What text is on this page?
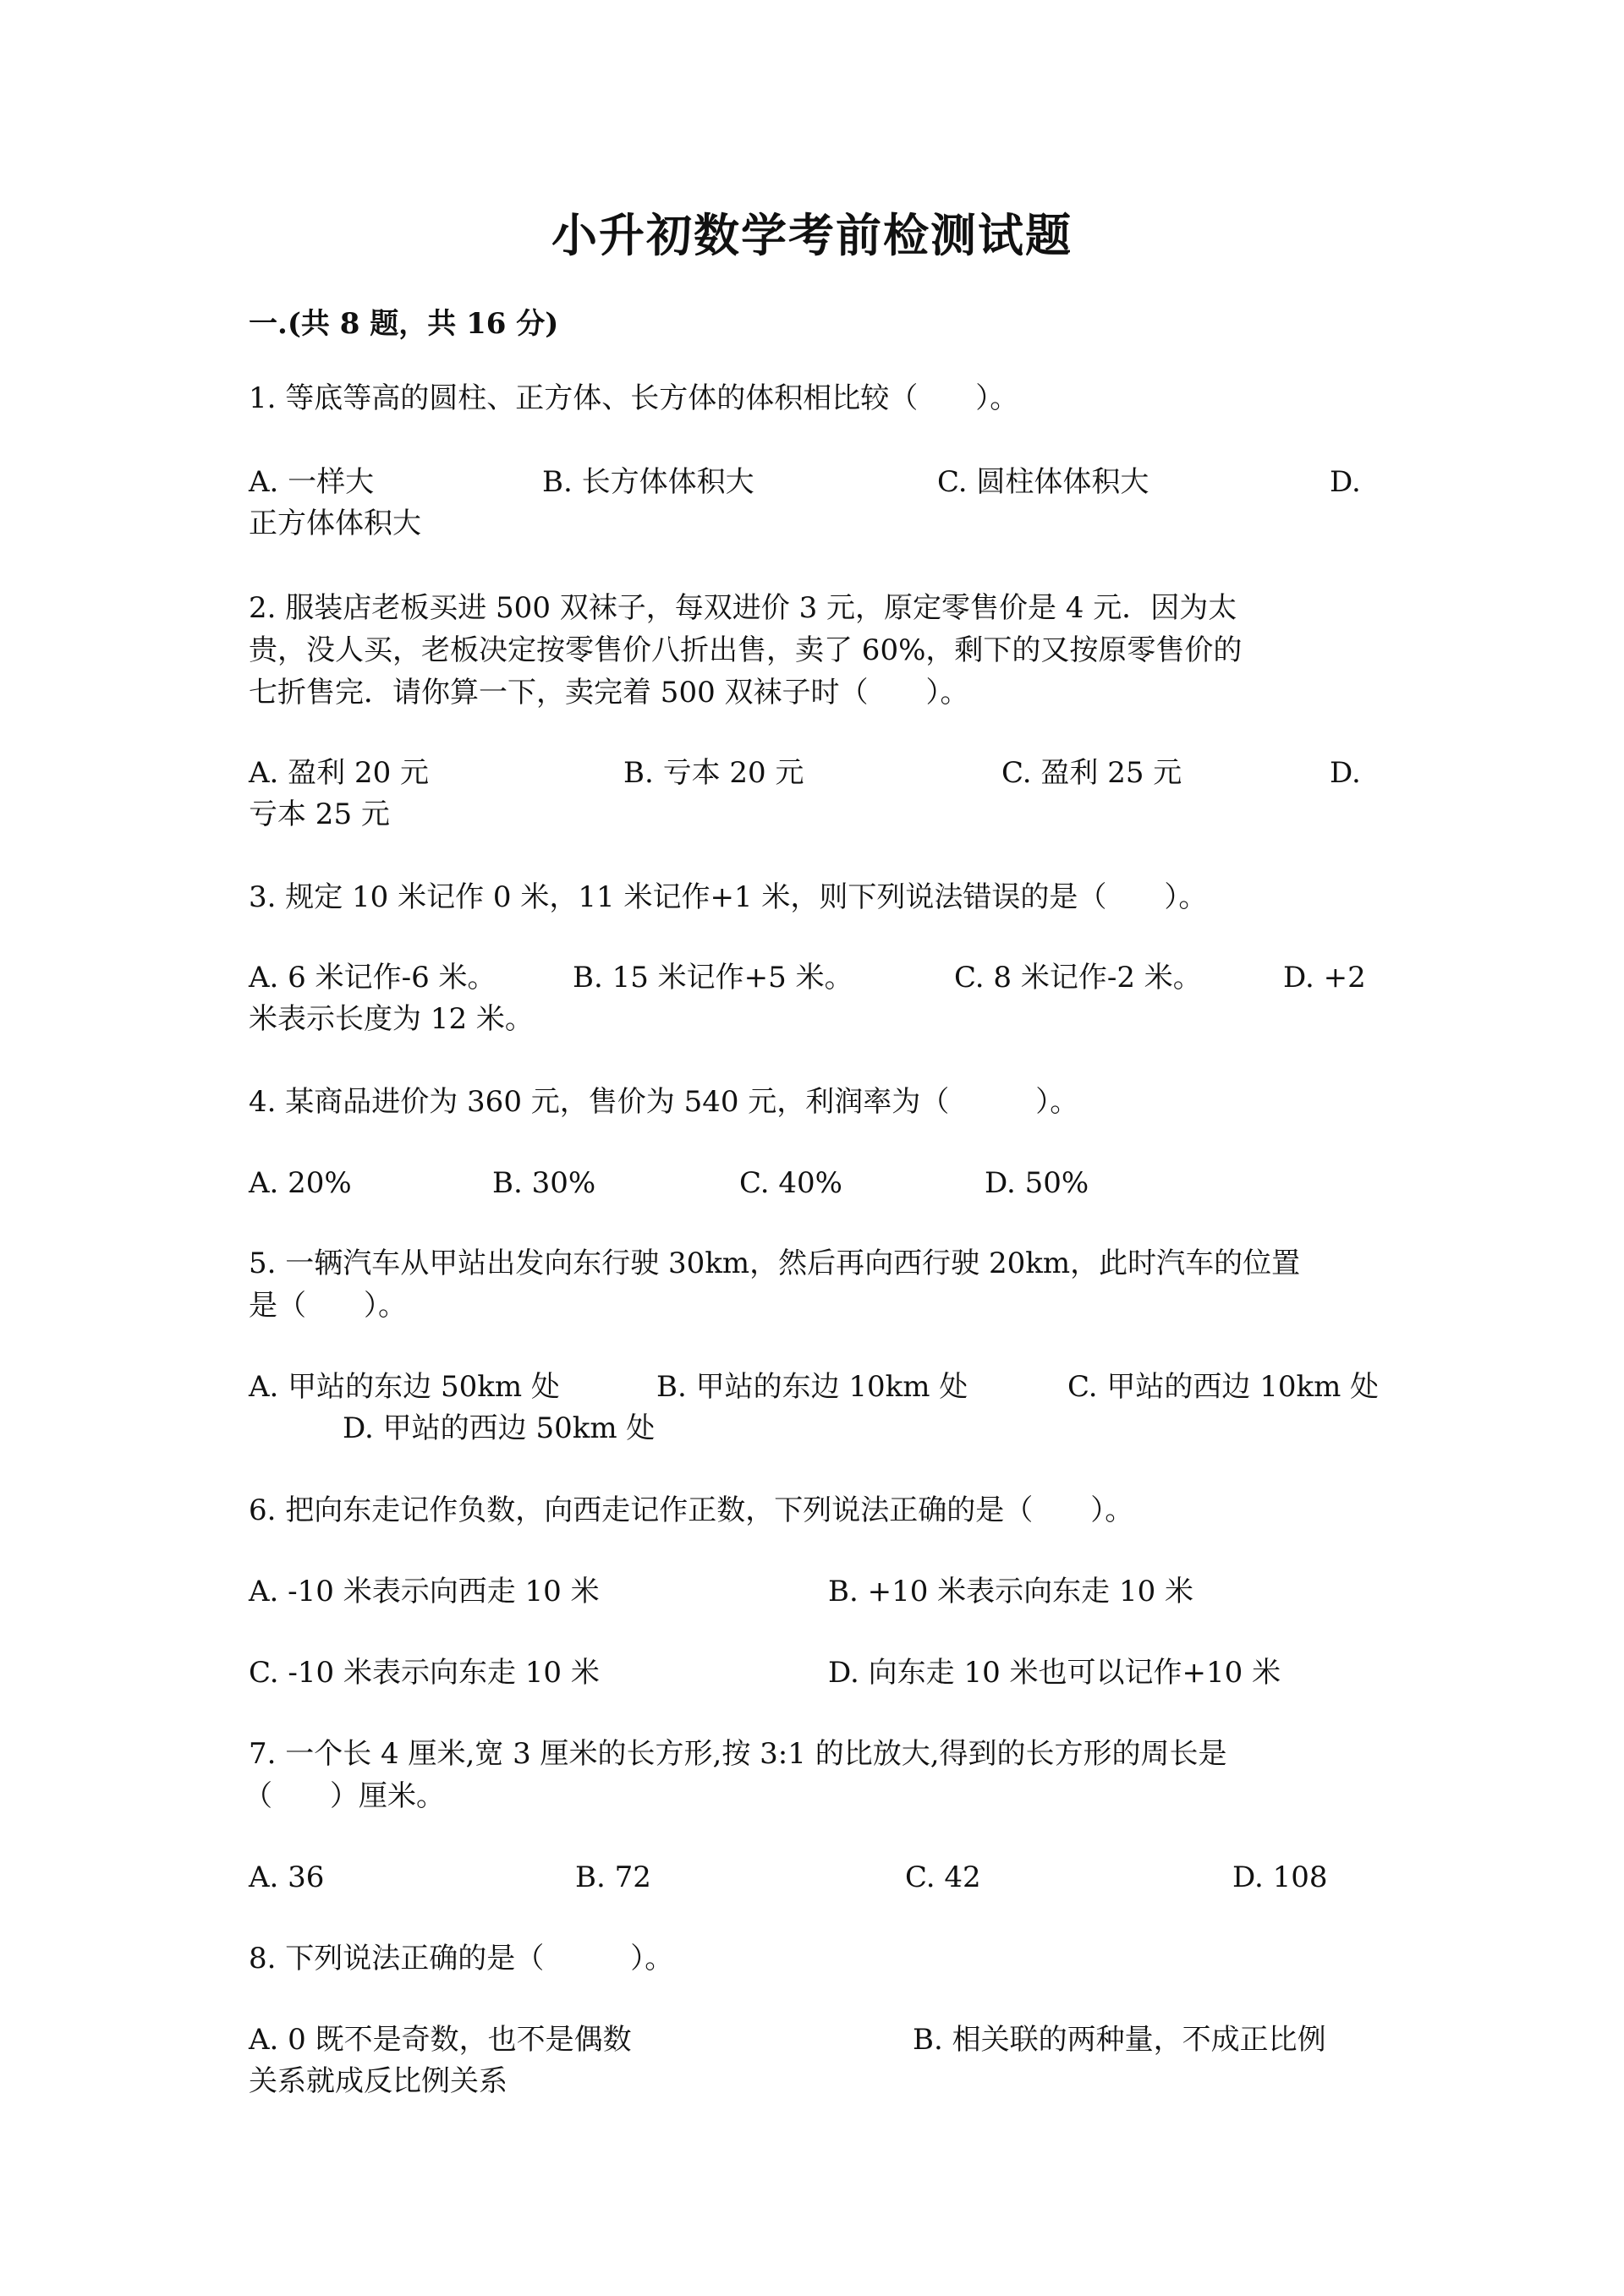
小升初数学考前检测试题
一.(共 8 题，共 16 分)
1. 等底等高的圆柱、正方体、长方体的体积相比较（　　）。
A. 一样大	B. 长方体体积大	C. 圆柱体体积大	D.
正方体体积大
2. 服装店老板买进 500 双袜子，每双进价 3 元，原定零售价是 4 元．因为太
贵，没人买，老板决定按零售价八折出售，卖了 60%，剩下的又按原零售价的
七折售完．请你算一下，卖完着 500 双袜子时（　　）。
A. 盈利 20 元	B. 亏本 20 元	C. 盈利 25 元	D.
亏本 25 元
3. 规定 10 米记作 0 米，11 米记作+1 米，则下列说法错误的是（　　）。
A. 6 米记作-6 米。	B. 15 米记作+5 米。	C. 8 米记作-2 米。	D. +2
米表示长度为 12 米。
4. 某商品进价为 360 元，售价为 540 元，利润率为（　　　）。
A. 20%	B. 30%	C. 40%	D. 50%
5. 一辆汽车从甲站出发向东行驶 30km，然后再向西行驶 20km，此时汽车的位置
是（　　）。
A. 甲站的东边 50km 处	B. 甲站的东边 10km 处	C. 甲站的西边 10km 处
D. 甲站的西边 50km 处
6. 把向东走记作负数，向西走记作正数，下列说法正确的是（　　）。
A. -10 米表示向西走 10 米	B. +10 米表示向东走 10 米
C. -10 米表示向东走 10 米	D. 向东走 10 米也可以记作+10 米
7. 一个长 4 厘米,宽 3 厘米的长方形,按 3:1 的比放大,得到的长方形的周长是
（　　）厘米。
A. 36	B. 72	C. 42	D. 108
8. 下列说法正确的是（　　　）。
A. 0 既不是奇数，也不是偶数	B. 相关联的两种量，不成正比例
关系就成反比例关系
